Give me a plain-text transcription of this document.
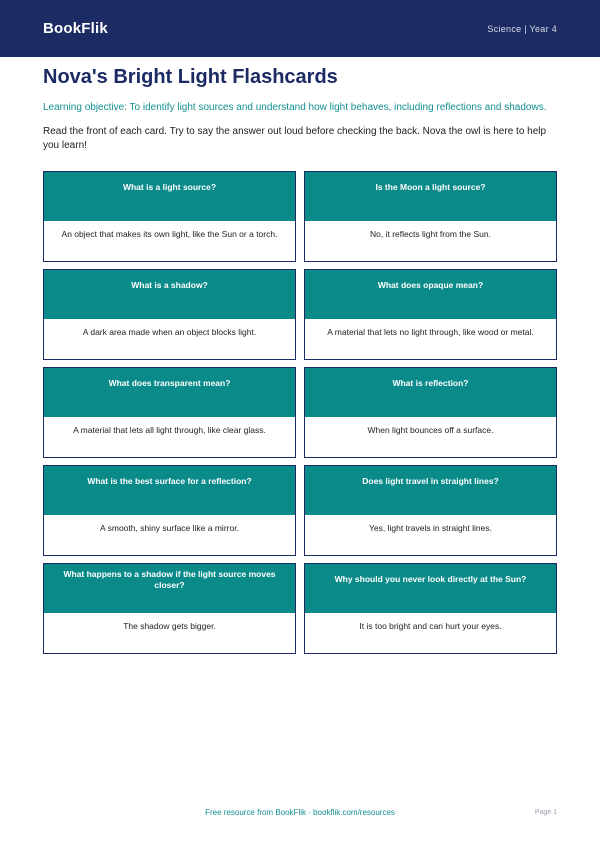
BookFlik	Science | Year 4
Nova's Bright Light Flashcards

Learning objective: To identify light sources and understand how light behaves, including reflections and shadows.

Read the front of each card. Try to say the answer out loud before checking the back. Nova the owl is here to help you learn!

What is a light source?
An object that makes its own light, like the Sun or a torch.
Is the Moon a light source?
No, it reflects light from the Sun.
What is a shadow?
A dark area made when an object blocks light.
What does opaque mean?
A material that lets no light through, like wood or metal.
What does transparent mean?
A material that lets all light through, like clear glass.
What is reflection?
When light bounces off a surface.
What is the best surface for a reflection?
A smooth, shiny surface like a mirror.
Does light travel in straight lines?
Yes, light travels in straight lines.
What happens to a shadow if the light source moves closer?
The shadow gets bigger.
Why should you never look directly at the Sun?
It is too bright and can hurt your eyes.
Free resource from BookFlik · bookflik.com/resources	Page 1
